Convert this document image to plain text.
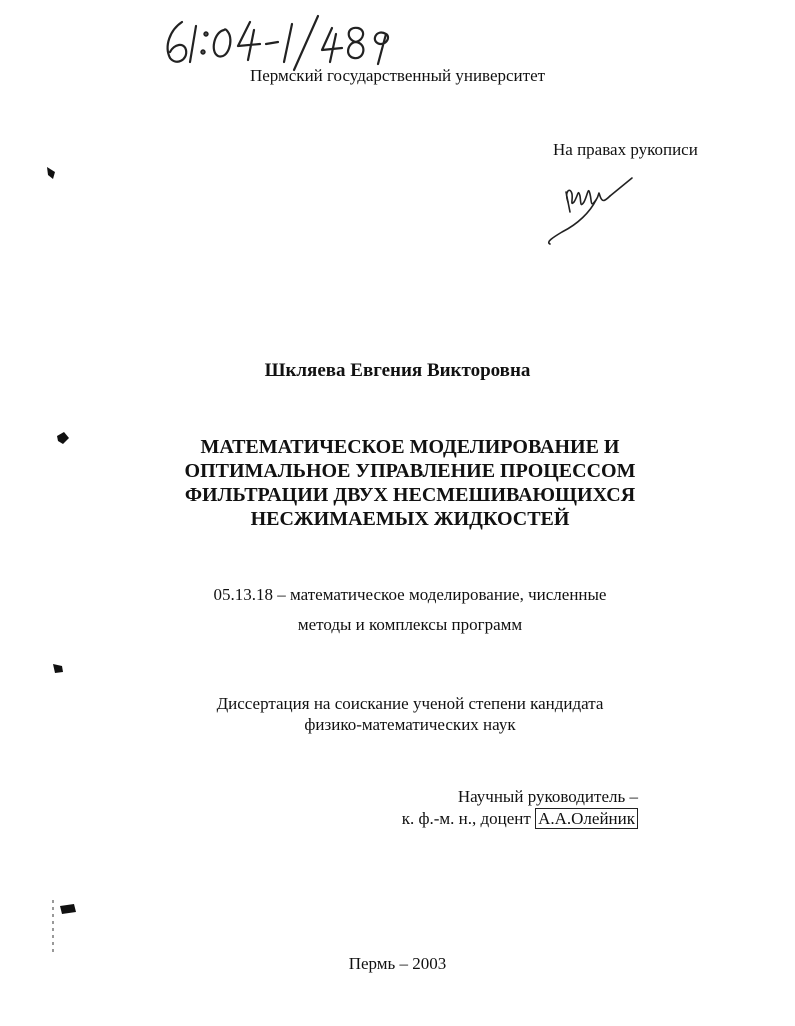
Пермский государственный университет
На правах рукописи
Шкляева Евгения Викторовна
МАТЕМАТИЧЕСКОЕ МОДЕЛИРОВАНИЕ И
ОПТИМАЛЬНОЕ УПРАВЛЕНИЕ ПРОЦЕССОМ
ФИЛЬТРАЦИИ ДВУХ НЕСМЕШИВАЮЩИХСЯ
НЕСЖИМАЕМЫХ ЖИДКОСТЕЙ
05.13.18 – математическое моделирование, численные
методы и комплексы программ
Диссертация на соискание ученой степени кандидата
физико-математических наук
Научный руководитель –
к. ф.-м. н., доцент А.А.Олейник
Пермь – 2003
